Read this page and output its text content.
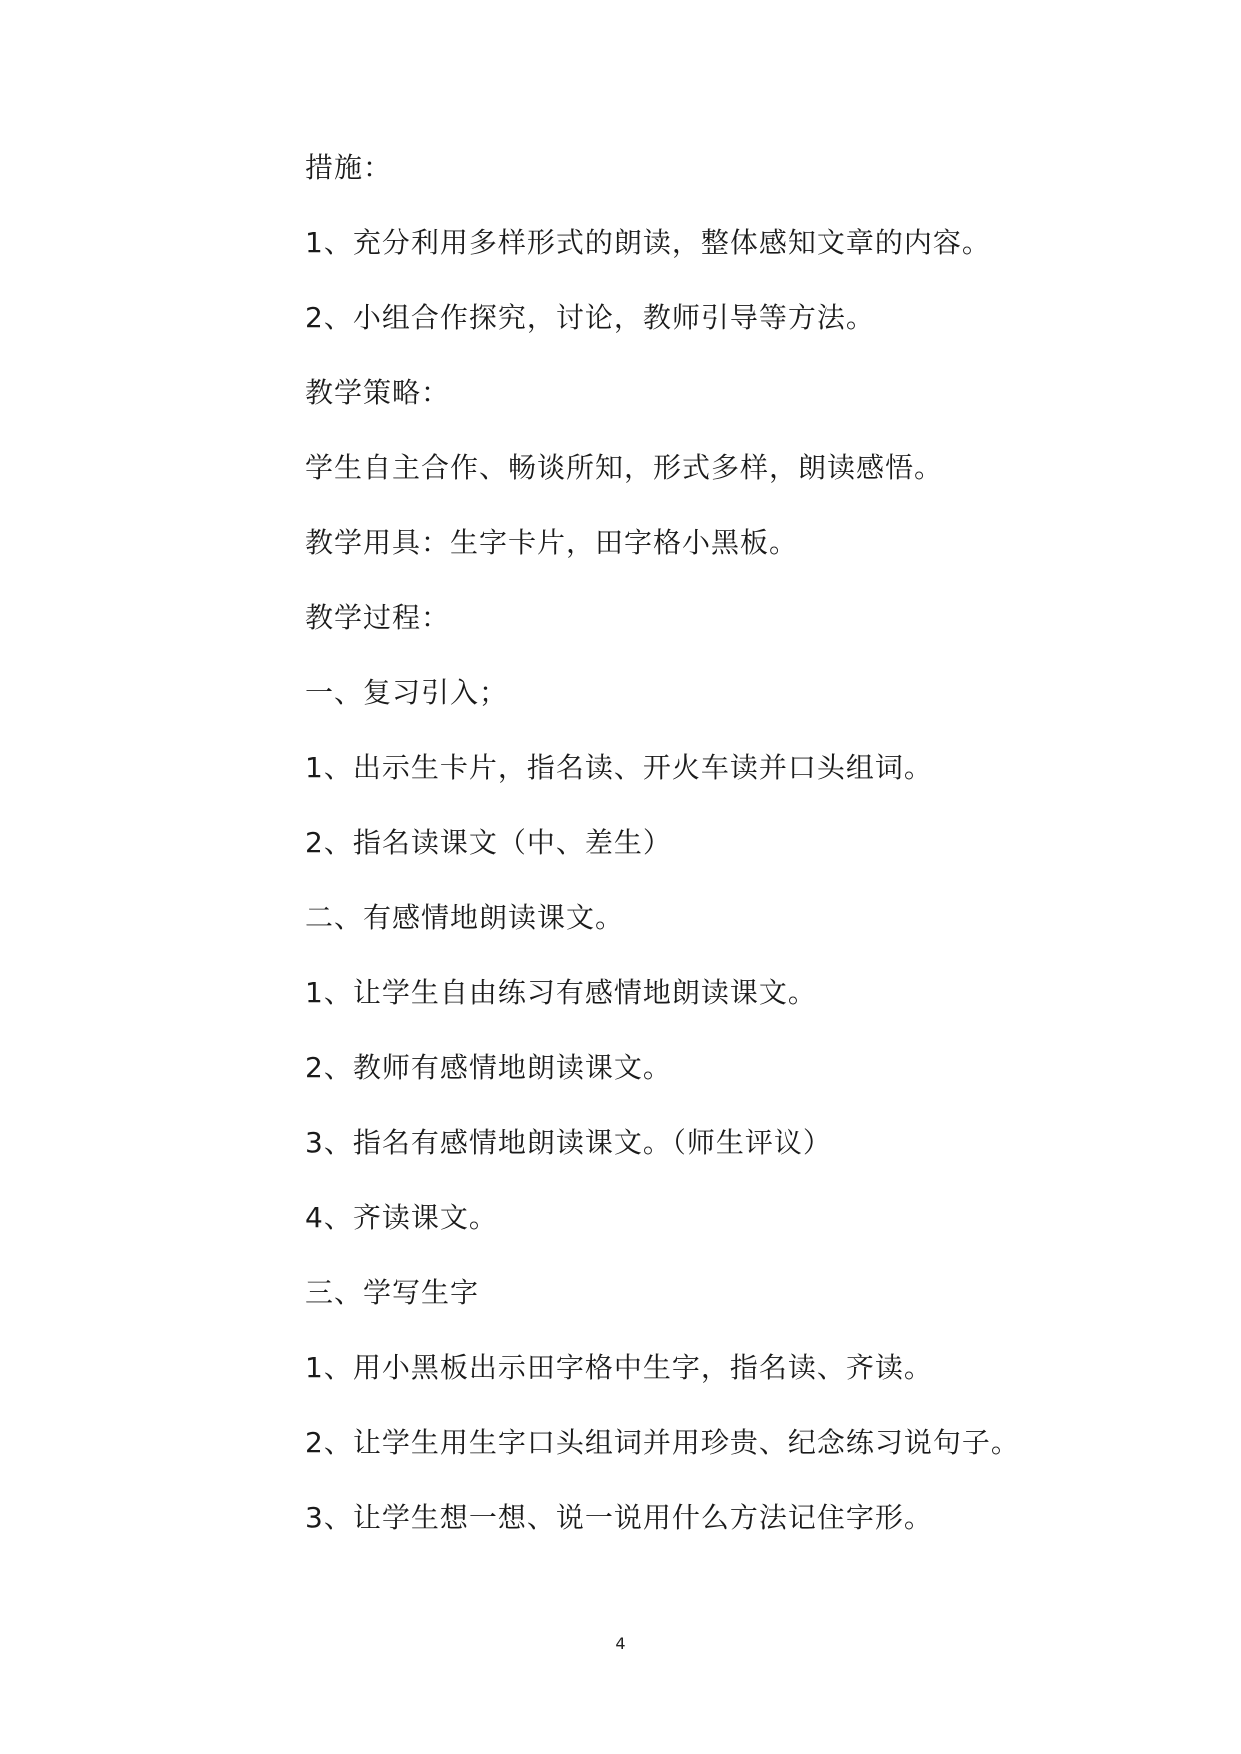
措施：

1、充分利用多样形式的朗读，整体感知文章的内容。

2、小组合作探究，讨论，教师引导等方法。

教学策略：

学生自主合作、畅谈所知，形式多样，朗读感悟。

教学用具：生字卡片，田字格小黑板。

教学过程：

一、复习引入；

1、出示生卡片，指名读、开火车读并口头组词。

2、指名读课文（中、差生）

二、有感情地朗读课文。

1、让学生自由练习有感情地朗读课文。

2、教师有感情地朗读课文。

3、指名有感情地朗读课文。（师生评议）

4、齐读课文。

三、学写生字

1、用小黑板出示田字格中生字，指名读、齐读。

2、让学生用生字口头组词并用珍贵、纪念练习说句子。

3、让学生想一想、说一说用什么方法记住字形。

4
